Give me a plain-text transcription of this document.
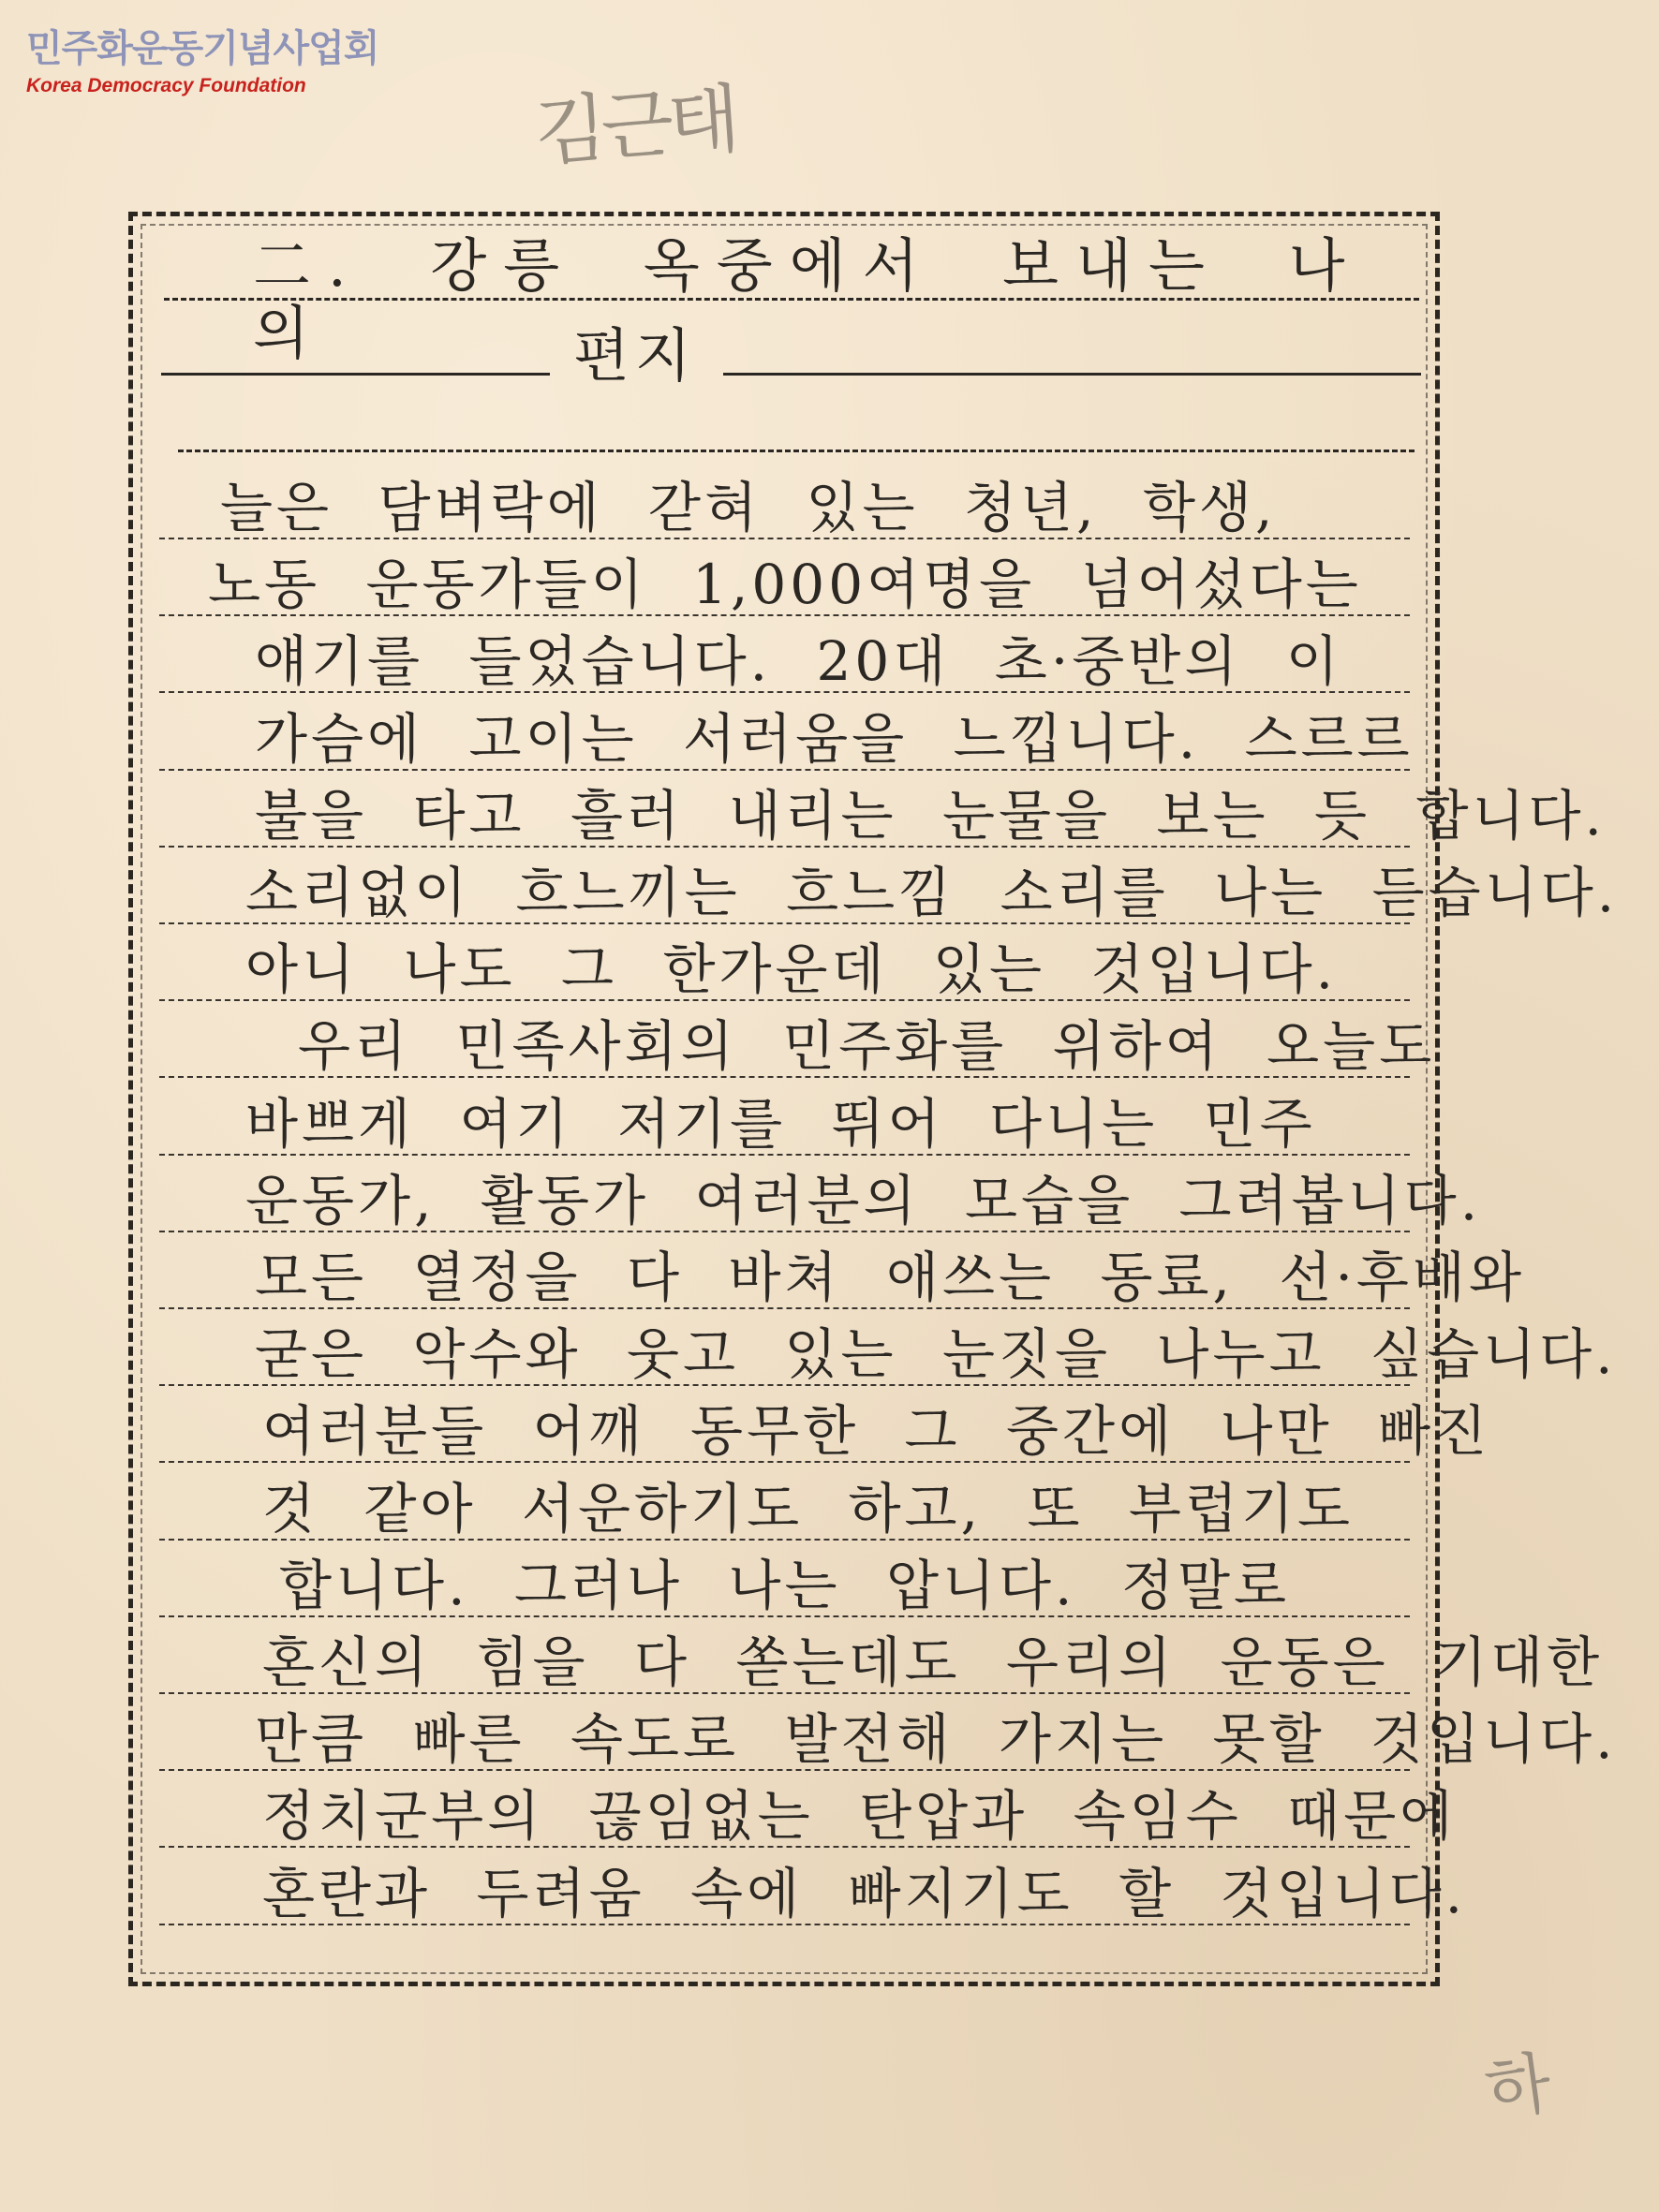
민주화운동기념사업회
Korea Democracy Foundation	김근태
하
二. 강릉 옥중에서 보내는 나의	편지
늘은 담벼락에 갇혀 있는 청년, 학생,
노동 운동가들이 1,000여명을 넘어섰다는
얘기를 들었습니다. 20대 초·중반의 이
가슴에 고이는 서러움을 느낍니다. 스르르
불을 타고 흘러 내리는 눈물을 보는 듯 합니다.
소리없이 흐느끼는 흐느낌 소리를 나는 듣습니다.
아니 나도 그 한가운데 있는 것입니다.
우리 민족사회의 민주화를 위하여 오늘도
바쁘게 여기 저기를 뛰어 다니는 민주
운동가, 활동가 여러분의 모습을 그려봅니다.
모든 열정을 다 바쳐 애쓰는 동료, 선·후배와
굳은 악수와 웃고 있는 눈짓을 나누고 싶습니다.
여러분들 어깨 동무한 그 중간에 나만 빠진
것 같아 서운하기도 하고, 또 부럽기도
합니다. 그러나 나는 압니다. 정말로
혼신의 힘을 다 쏟는데도 우리의 운동은 기대한
만큼 빠른 속도로 발전해 가지는 못할 것입니다.
정치군부의 끊임없는 탄압과 속임수 때문에
혼란과 두려움 속에 빠지기도 할 것입니다.
